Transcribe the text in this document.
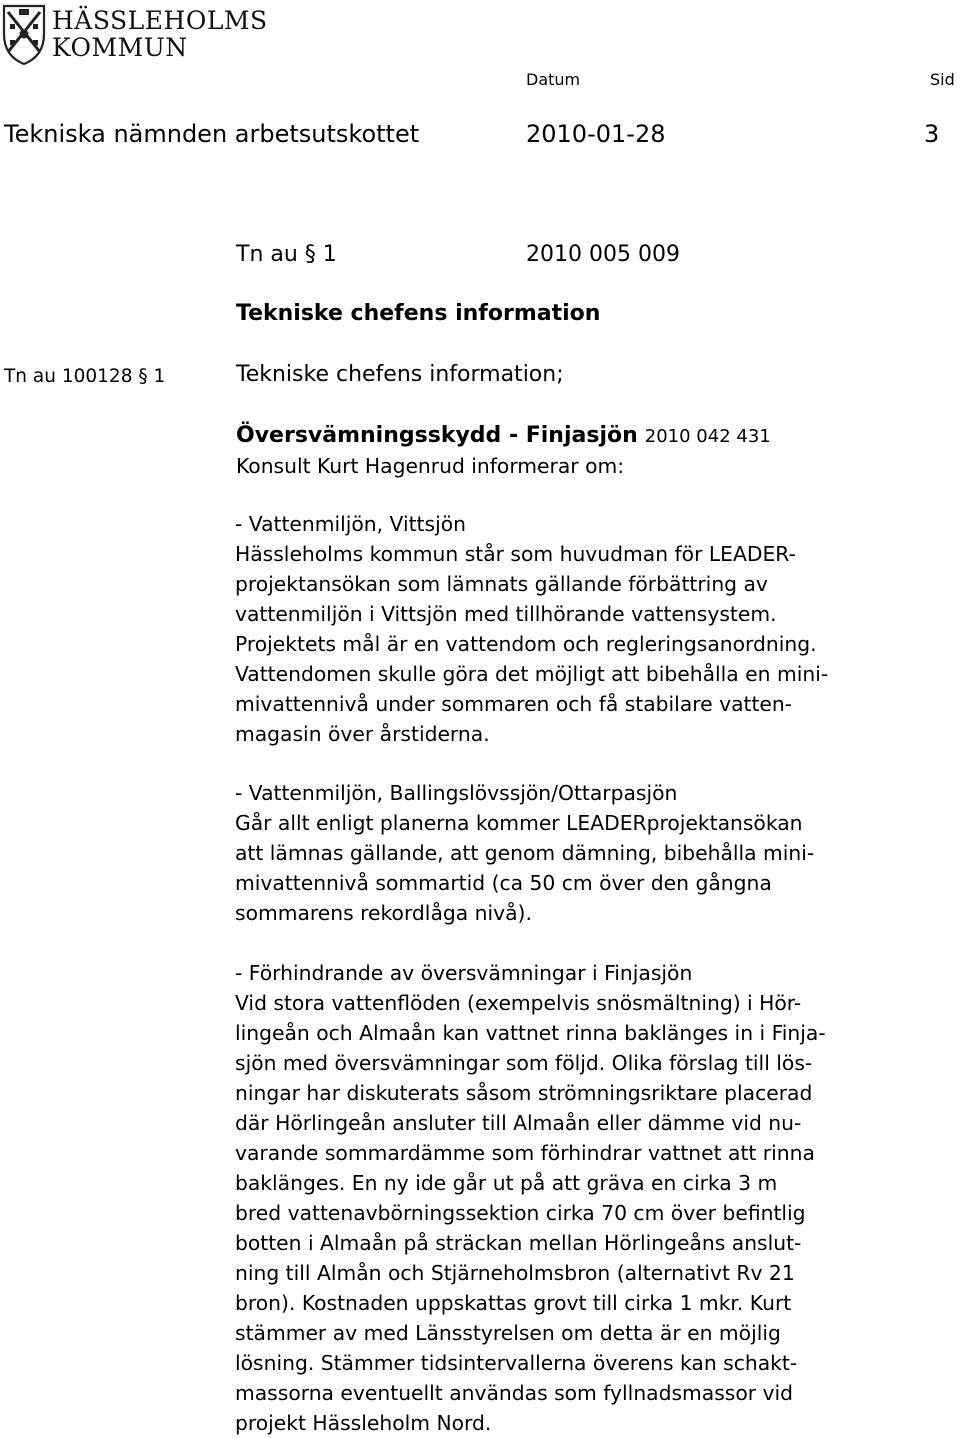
HÄSSLEHOLMS
KOMMUN
Datum	Sid
Tekniska nämnden arbetsutskottet	2010-01-28	3
Tn au § 1	2010 005 009
Tekniske chefens information
Tn au 100128 § 1	Tekniske chefens information;
Översvämningsskydd - Finjasjön 2010 042 431
Konsult Kurt Hagenrud informerar om:
- Vattenmiljön, Vittsjön
Hässleholms kommun står som huvudman för LEADER-
projektansökan som lämnats gällande förbättring av
vattenmiljön i Vittsjön med tillhörande vattensystem.
Projektets mål är en vattendom och regleringsanordning.
Vattendomen skulle göra det möjligt att bibehålla en mini-
mivattennivå under sommaren och få stabilare vatten-
magasin över årstiderna.
- Vattenmiljön, Ballingslövssjön/Ottarpasjön
Går allt enligt planerna kommer LEADERprojektansökan
att lämnas gällande, att genom dämning, bibehålla mini-
mivattennivå sommartid (ca 50 cm över den gångna
sommarens rekordlåga nivå).
- Förhindrande av översvämningar i Finjasjön
Vid stora vattenflöden (exempelvis snösmältning) i Hör-
lingeån och Almaån kan vattnet rinna baklänges in i Finja-
sjön med översvämningar som följd. Olika förslag till lös-
ningar har diskuterats såsom strömningsriktare placerad
där Hörlingeån ansluter till Almaån eller dämme vid nu-
varande sommardämme som förhindrar vattnet att rinna
baklänges. En ny ide går ut på att gräva en cirka 3 m
bred vattenavbörningssektion cirka 70 cm över befintlig
botten i Almaån på sträckan mellan Hörlingeåns anslut-
ning till Almån och Stjärneholmsbron (alternativt Rv 21
bron). Kostnaden uppskattas grovt till cirka 1 mkr. Kurt
stämmer av med Länsstyrelsen om detta är en möjlig
lösning. Stämmer tidsintervallerna överens kan schakt-
massorna eventuellt användas som fyllnadsmassor vid
projekt Hässleholm Nord.
